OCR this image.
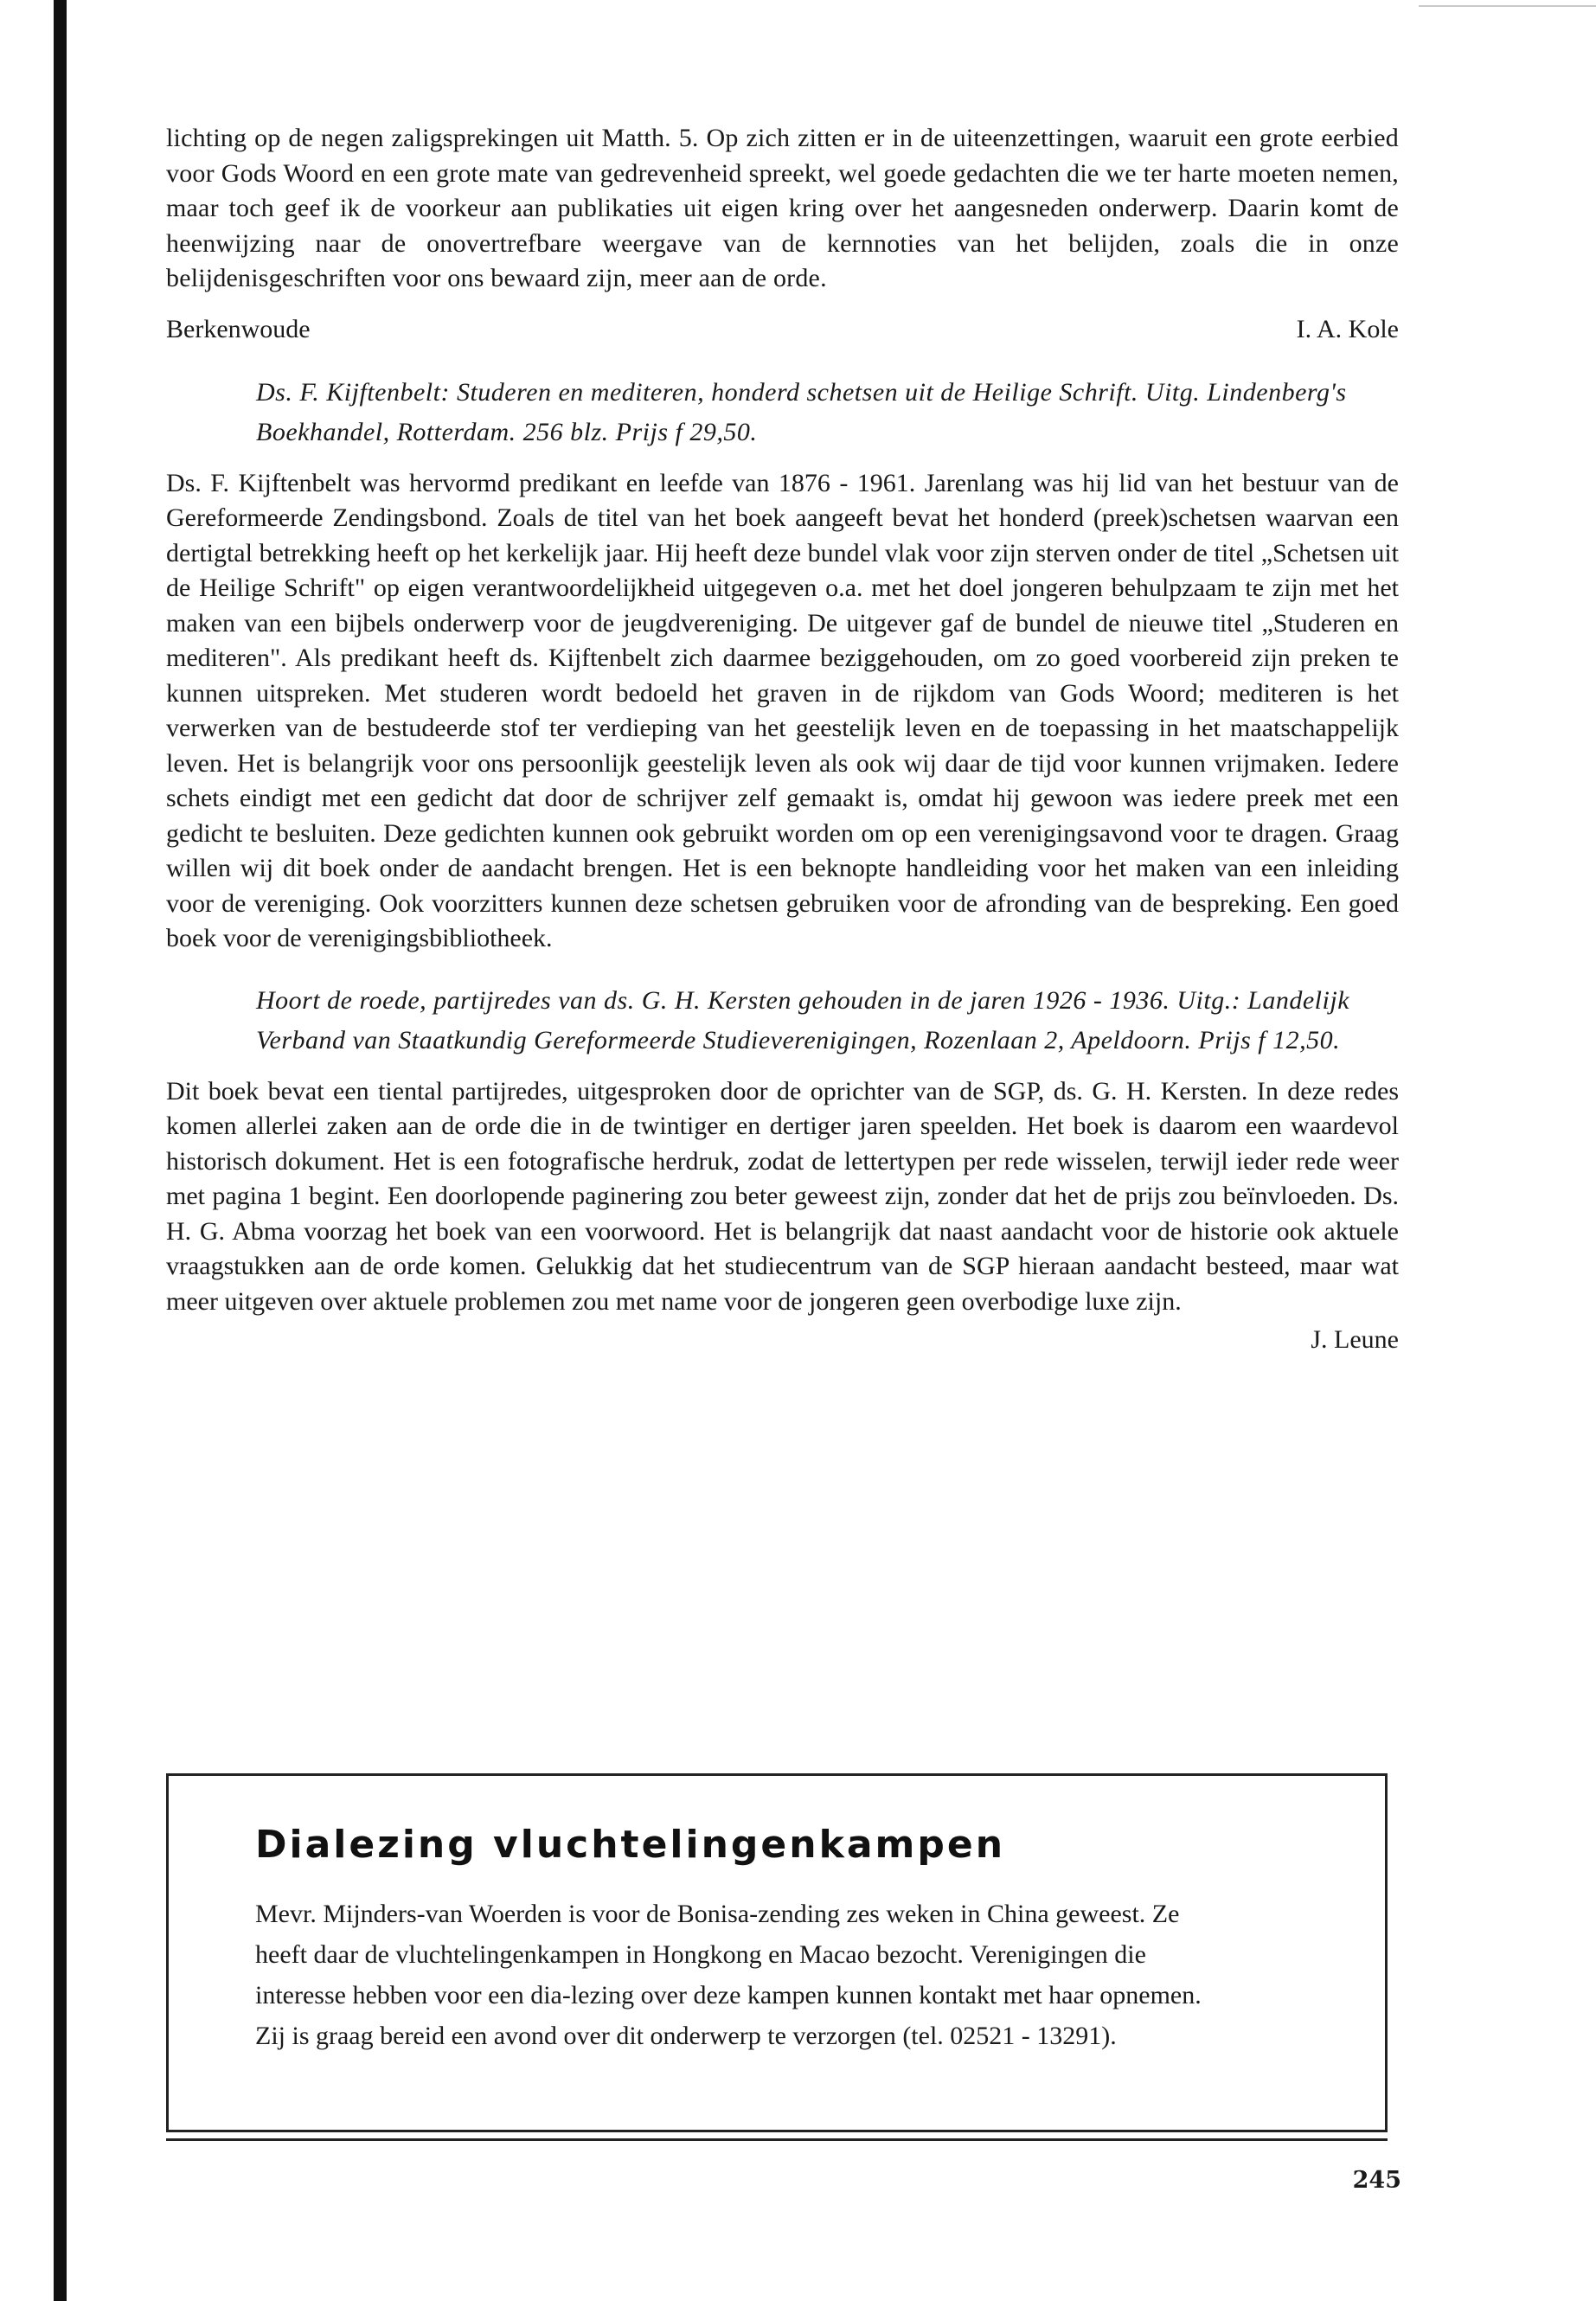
lichting op de negen zaligsprekingen uit Matth. 5. Op zich zitten er in de uiteenzettingen, waaruit een grote eerbied voor Gods Woord en een grote mate van gedrevenheid spreekt, wel goede gedachten die we ter harte moeten nemen, maar toch geef ik de voorkeur aan publikaties uit eigen kring over het aangesneden onderwerp. Daarin komt de heenwijzing naar de onovertrefbare weergave van de kernnoties van het belijden, zoals die in onze belijdenisgeschriften voor ons bewaard zijn, meer aan de orde.

Berkenwoude	I. A. Kole
Ds. F. Kijftenbelt: Studeren en mediteren, honderd schetsen uit de Heilige Schrift. Uitg. Lindenberg's Boekhandel, Rotterdam. 256 blz. Prijs f 29,50.

Ds. F. Kijftenbelt was hervormd predikant en leefde van 1876 - 1961. Jarenlang was hij lid van het bestuur van de Gereformeerde Zendingsbond. Zoals de titel van het boek aangeeft bevat het honderd (preek)schetsen waarvan een dertigtal betrekking heeft op het kerkelijk jaar. Hij heeft deze bundel vlak voor zijn sterven onder de titel „Schetsen uit de Heilige Schrift" op eigen verantwoordelijkheid uitgegeven o.a. met het doel jongeren behulpzaam te zijn met het maken van een bijbels onderwerp voor de jeugdvereniging. De uitgever gaf de bundel de nieuwe titel „Studeren en mediteren". Als predikant heeft ds. Kijftenbelt zich daarmee beziggehouden, om zo goed voorbereid zijn preken te kunnen uitspreken. Met studeren wordt bedoeld het graven in de rijkdom van Gods Woord; mediteren is het verwerken van de bestudeerde stof ter verdieping van het geestelijk leven en de toepassing in het maatschappelijk leven. Het is belangrijk voor ons persoonlijk geestelijk leven als ook wij daar de tijd voor kunnen vrijmaken. Iedere schets eindigt met een gedicht dat door de schrijver zelf gemaakt is, omdat hij gewoon was iedere preek met een gedicht te besluiten. Deze gedichten kunnen ook gebruikt worden om op een verenigingsavond voor te dragen. Graag willen wij dit boek onder de aandacht brengen. Het is een beknopte handleiding voor het maken van een inleiding voor de vereniging. Ook voorzitters kunnen deze schetsen gebruiken voor de afronding van de bespreking. Een goed boek voor de verenigingsbibliotheek.

Hoort de roede, partijredes van ds. G. H. Kersten gehouden in de jaren 1926 - 1936. Uitg.: Landelijk Verband van Staatkundig Gereformeerde Studieverenigingen, Rozenlaan 2, Apeldoorn. Prijs f 12,50.

Dit boek bevat een tiental partijredes, uitgesproken door de oprichter van de SGP, ds. G. H. Kersten. In deze redes komen allerlei zaken aan de orde die in de twintiger en dertiger jaren speelden. Het boek is daarom een waardevol historisch dokument. Het is een fotografische herdruk, zodat de lettertypen per rede wisselen, terwijl ieder rede weer met pagina 1 begint. Een doorlopende paginering zou beter geweest zijn, zonder dat het de prijs zou beïnvloeden. Ds. H. G. Abma voorzag het boek van een voorwoord. Het is belangrijk dat naast aandacht voor de historie ook aktuele vraagstukken aan de orde komen. Gelukkig dat het studiecentrum van de SGP hieraan aandacht besteed, maar wat meer uitgeven over aktuele problemen zou met name voor de jongeren geen overbodige luxe zijn.

J. Leune
Dialezing vluchtelingenkampen

Mevr. Mijnders-van Woerden is voor de Bonisa-zending zes weken in China geweest. Ze heeft daar de vluchtelingenkampen in Hongkong en Macao bezocht. Verenigingen die interesse hebben voor een dia-lezing over deze kampen kunnen kontakt met haar opnemen. Zij is graag bereid een avond over dit onderwerp te verzorgen (tel. 02521 - 13291).

245
